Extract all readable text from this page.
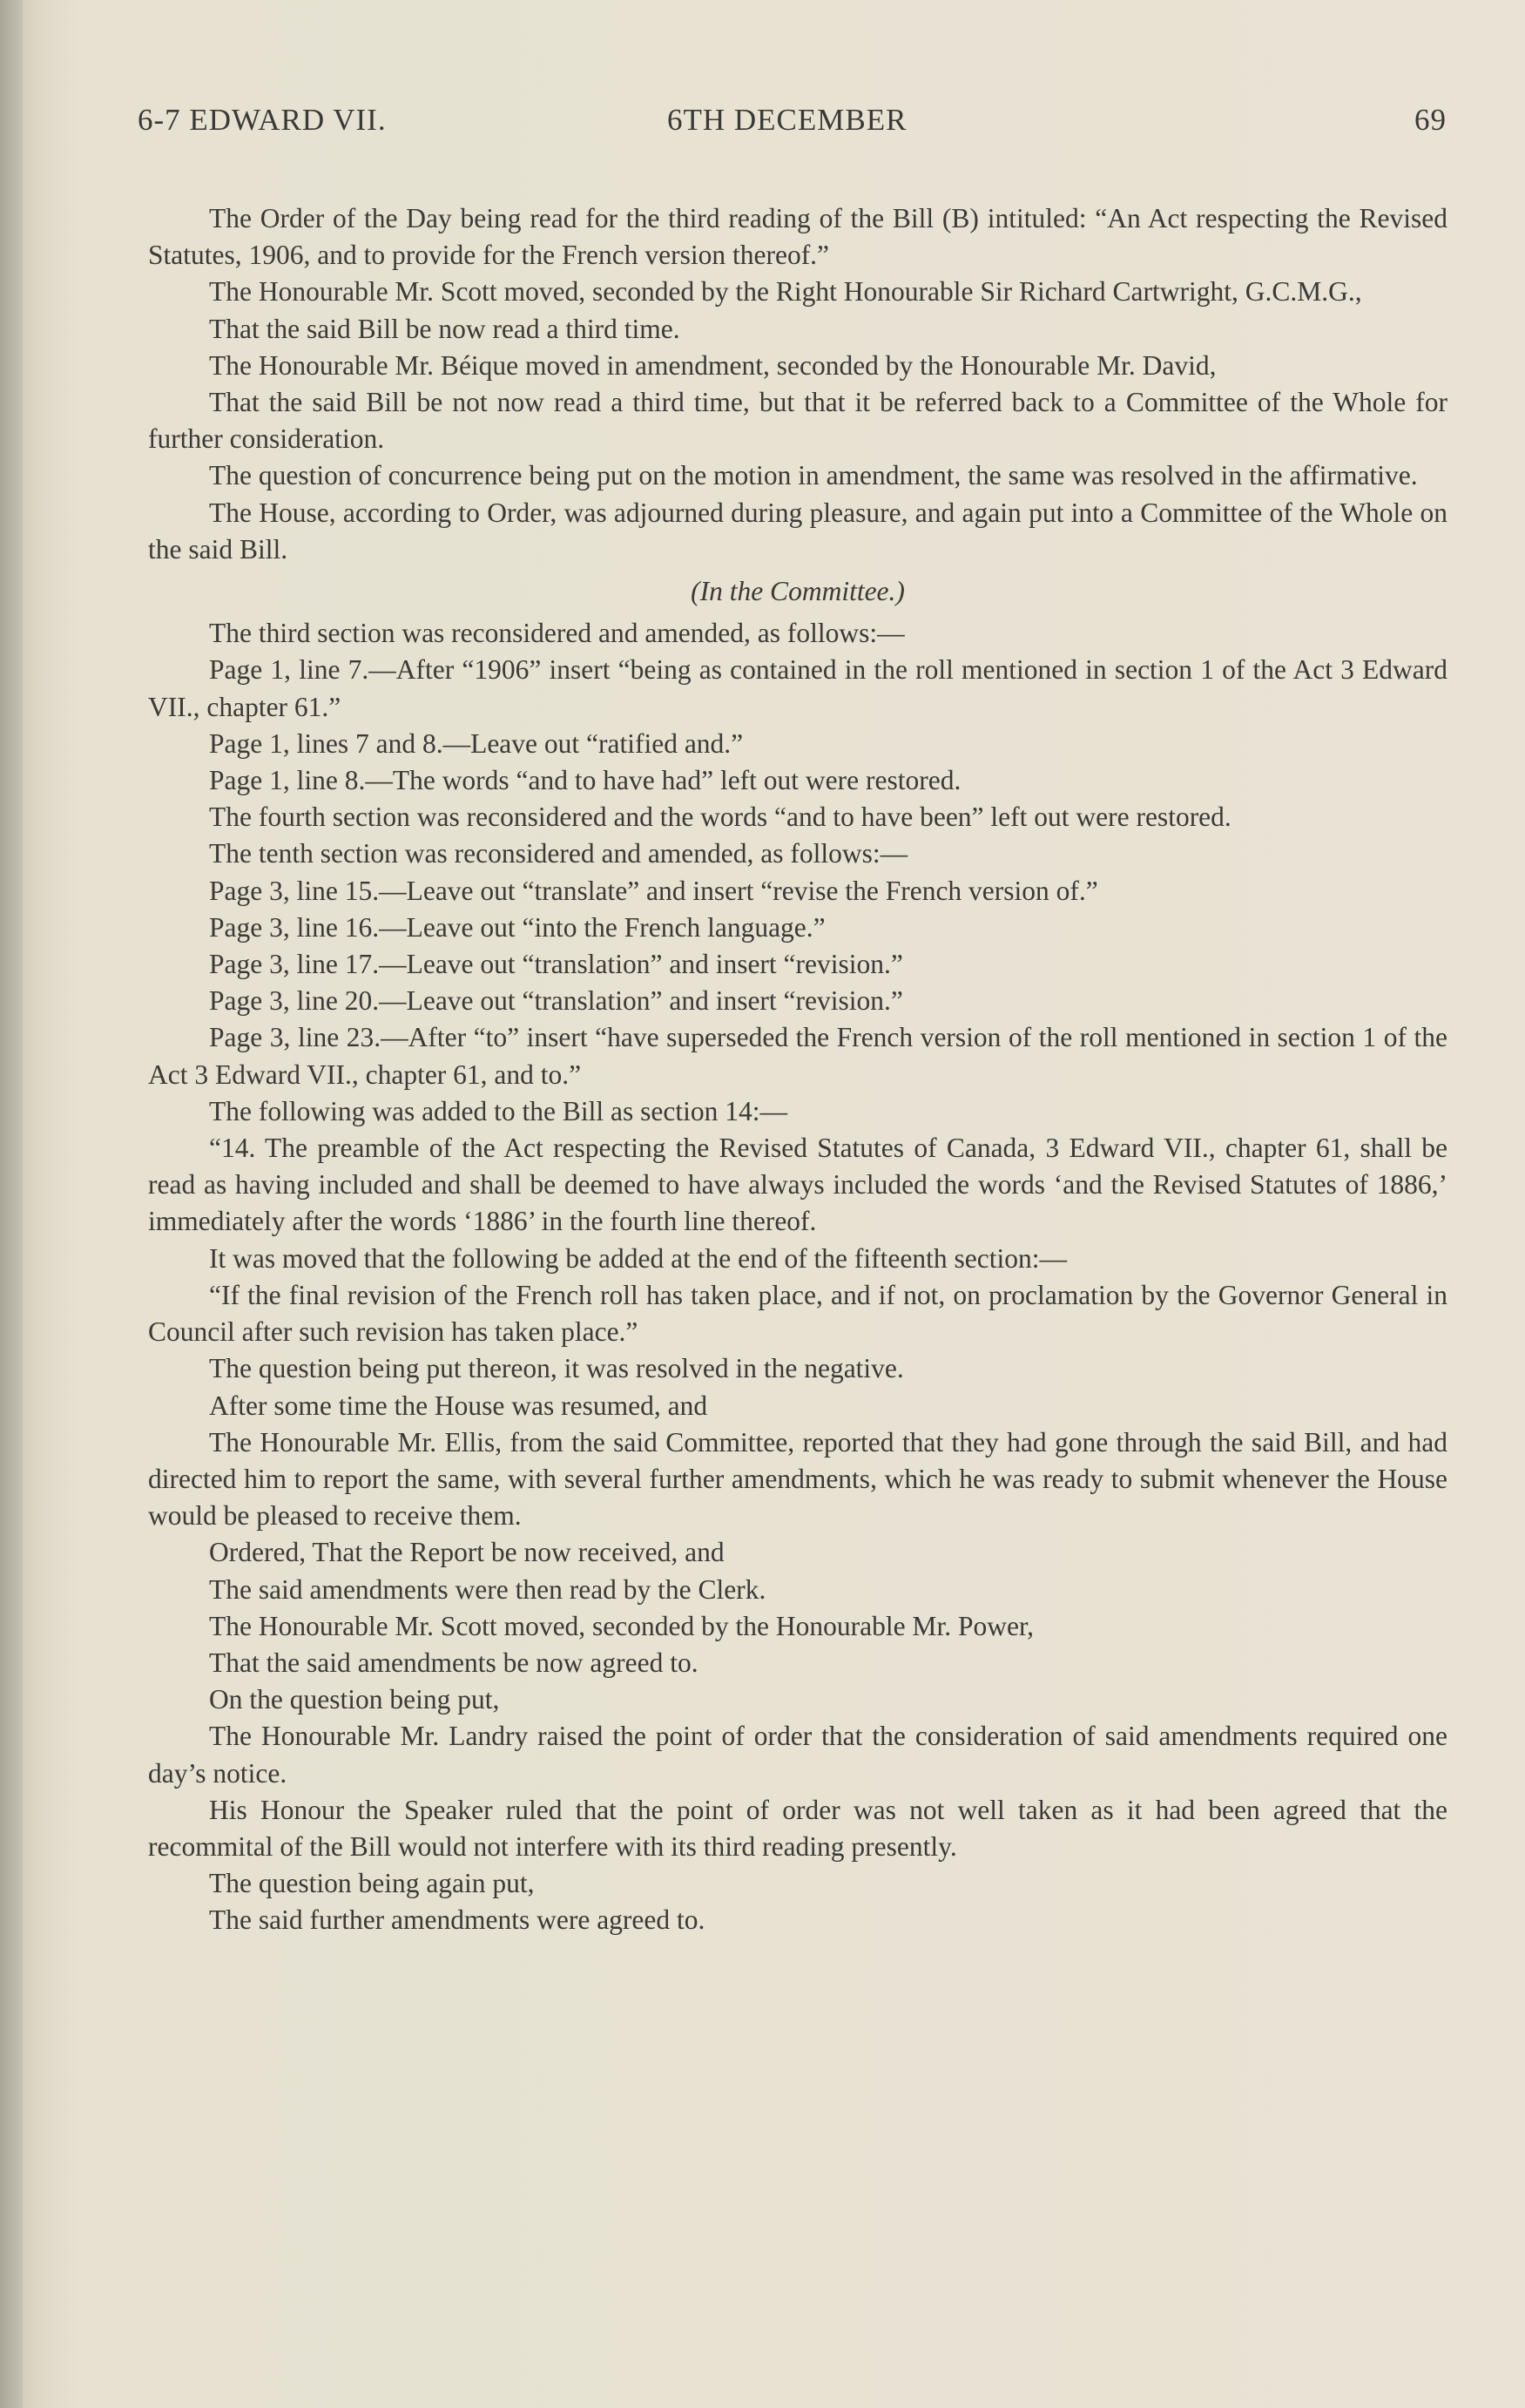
6-7 EDWARD VII.	6TH DECEMBER	69

The Order of the Day being read for the third reading of the Bill (B) intituled: “An Act respecting the Revised Statutes, 1906, and to provide for the French version thereof.”

The Honourable Mr. Scott moved, seconded by the Right Honourable Sir Richard Cartwright, G.C.M.G.,

That the said Bill be now read a third time.

The Honourable Mr. Béique moved in amendment, seconded by the Honourable Mr. David,

That the said Bill be not now read a third time, but that it be referred back to a Committee of the Whole for further consideration.

The question of concurrence being put on the motion in amendment, the same was resolved in the affirmative.

The House, according to Order, was adjourned during pleasure, and again put into a Committee of the Whole on the said Bill.

(In the Committee.)

The third section was reconsidered and amended, as follows:—

Page 1, line 7.—After “1906” insert “being as contained in the roll mentioned in section 1 of the Act 3 Edward VII., chapter 61.”

Page 1, lines 7 and 8.—Leave out “ratified and.”

Page 1, line 8.—The words “and to have had” left out were restored.

The fourth section was reconsidered and the words “and to have been” left out were restored.

The tenth section was reconsidered and amended, as follows:—

Page 3, line 15.—Leave out “translate” and insert “revise the French version of.”

Page 3, line 16.—Leave out “into the French language.”

Page 3, line 17.—Leave out “translation” and insert “revision.”

Page 3, line 20.—Leave out “translation” and insert “revision.”

Page 3, line 23.—After “to” insert “have superseded the French version of the roll mentioned in section 1 of the Act 3 Edward VII., chapter 61, and to.”

The following was added to the Bill as section 14:—

“14. The preamble of the Act respecting the Revised Statutes of Canada, 3 Edward VII., chapter 61, shall be read as having included and shall be deemed to have always included the words ‘and the Revised Statutes of 1886,’ immediately after the words ‘1886’ in the fourth line thereof.

It was moved that the following be added at the end of the fifteenth section:—

“If the final revision of the French roll has taken place, and if not, on proclamation by the Governor General in Council after such revision has taken place.”

The question being put thereon, it was resolved in the negative.

After some time the House was resumed, and

The Honourable Mr. Ellis, from the said Committee, reported that they had gone through the said Bill, and had directed him to report the same, with several further amendments, which he was ready to submit whenever the House would be pleased to receive them.

Ordered, That the Report be now received, and

The said amendments were then read by the Clerk.

The Honourable Mr. Scott moved, seconded by the Honourable Mr. Power,

That the said amendments be now agreed to.

On the question being put,

The Honourable Mr. Landry raised the point of order that the consideration of said amendments required one day’s notice.

His Honour the Speaker ruled that the point of order was not well taken as it had been agreed that the recommital of the Bill would not interfere with its third reading presently.

The question being again put,

The said further amendments were agreed to.
